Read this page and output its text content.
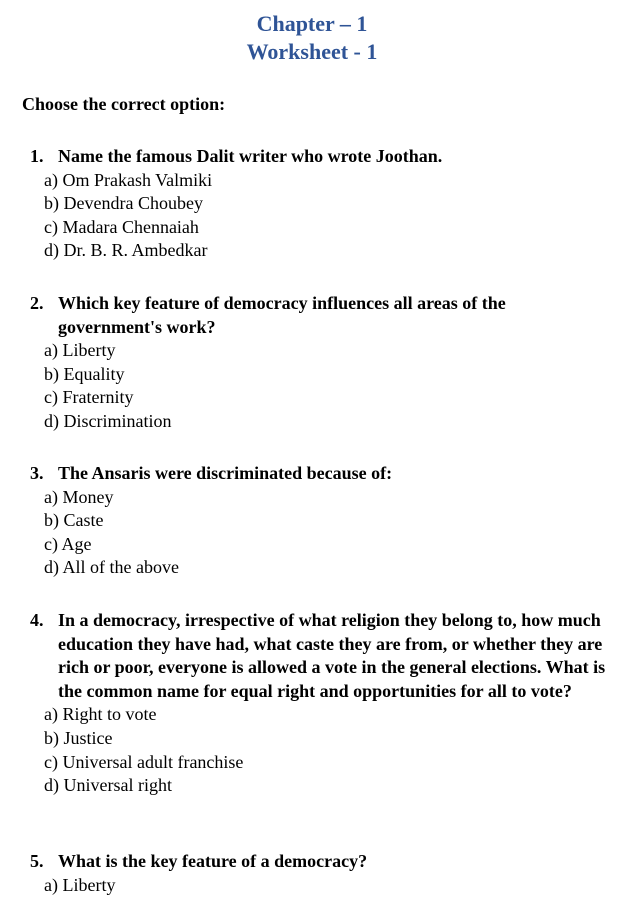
Chapter – 1
Worksheet - 1
Choose the correct option:
1. Name the famous Dalit writer who wrote Joothan.
a) Om Prakash Valmiki
b) Devendra Choubey
c) Madara Chennaiah
d) Dr. B. R. Ambedkar
2. Which key feature of democracy influences all areas of the government's work?
a) Liberty
b) Equality
c) Fraternity
d) Discrimination
3. The Ansaris were discriminated because of:
a) Money
b) Caste
c) Age
d) All of the above
4. In a democracy, irrespective of what religion they belong to, how much education they have had, what caste they are from, or whether they are rich or poor, everyone is allowed a vote in the general elections. What is the common name for equal right and opportunities for all to vote?
a) Right to vote
b) Justice
c) Universal adult franchise
d) Universal right
5. What is the key feature of a democracy?
a) Liberty
